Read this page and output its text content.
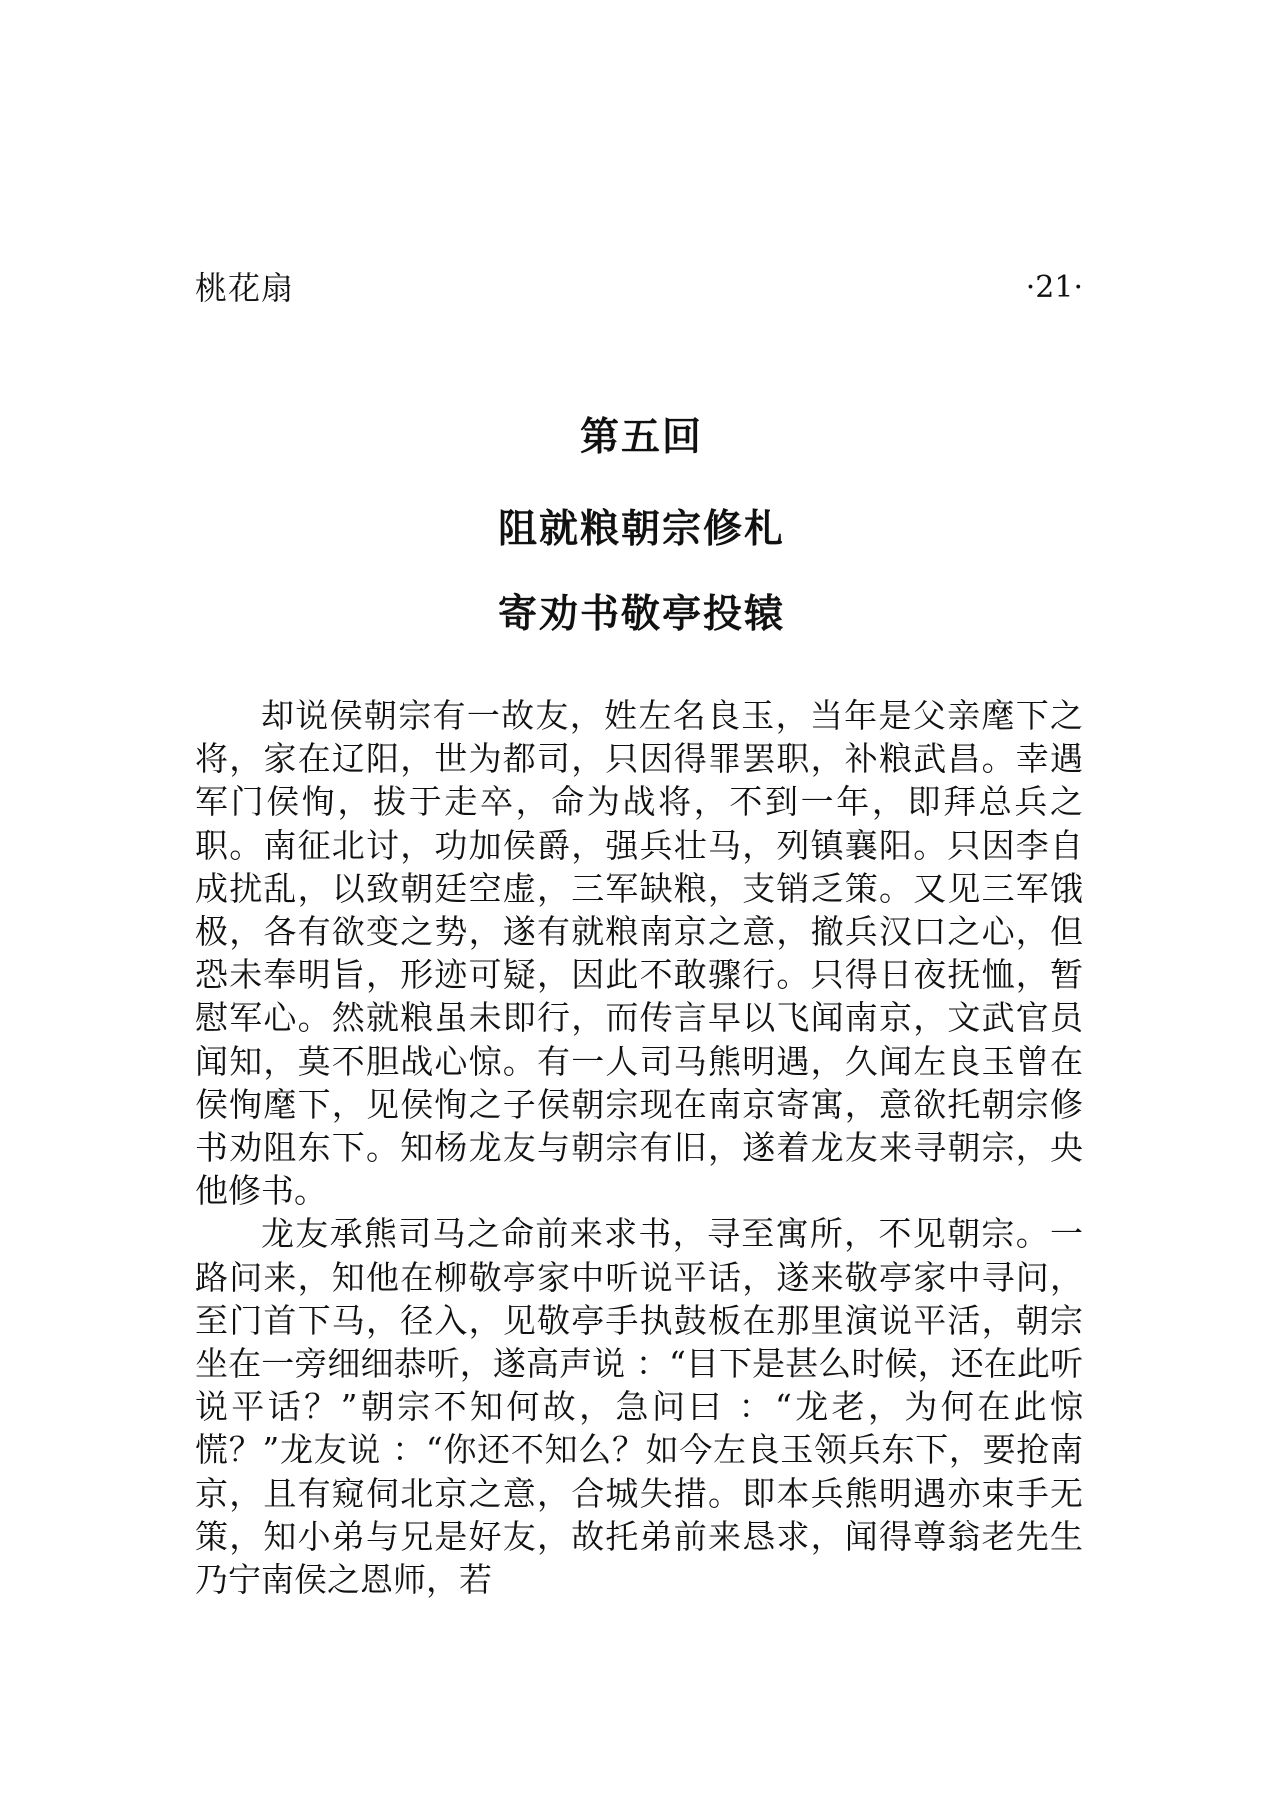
桃花扇	·21·
第五回
阻就粮朝宗修札
寄劝书敬亭投辕

却说侯朝宗有一故友，姓左名良玉，当年是父亲麾下之将，家在辽阳，世为都司，只因得罪罢职，补粮武昌。幸遇军门侯恂，拔于走卒，命为战将，不到一年，即拜总兵之职。南征北讨，功加侯爵，强兵壮马，列镇襄阳。只因李自成扰乱，以致朝廷空虚，三军缺粮，支销乏策。又见三军饿极，各有欲变之势，遂有就粮南京之意，撤兵汉口之心，但恐未奉明旨，形迹可疑，因此不敢骤行。只得日夜抚恤，暂慰军心。然就粮虽未即行，而传言早以飞闻南京，文武官员闻知，莫不胆战心惊。有一人司马熊明遇，久闻左良玉曾在侯恂麾下，见侯恂之子侯朝宗现在南京寄寓，意欲托朝宗修书劝阻东下。知杨龙友与朝宗有旧，遂着龙友来寻朝宗，央他修书。

龙友承熊司马之命前来求书，寻至寓所，不见朝宗。一路问来，知他在柳敬亭家中听说平话，遂来敬亭家中寻问，至门首下马，径入，见敬亭手执鼓板在那里演说平活，朝宗坐在一旁细细恭听，遂高声说 ：“目下是甚么时候，还在此听说平话？”朝宗不知何故，急问曰 ：“龙老，为何在此惊慌？”龙友说 ：“你还不知么？如今左良玉领兵东下，要抢南京，且有窥伺北京之意，合城失措。即本兵熊明遇亦束手无策，知小弟与兄是好友，故托弟前来恳求，闻得尊翁老先生乃宁南侯之恩师，若
